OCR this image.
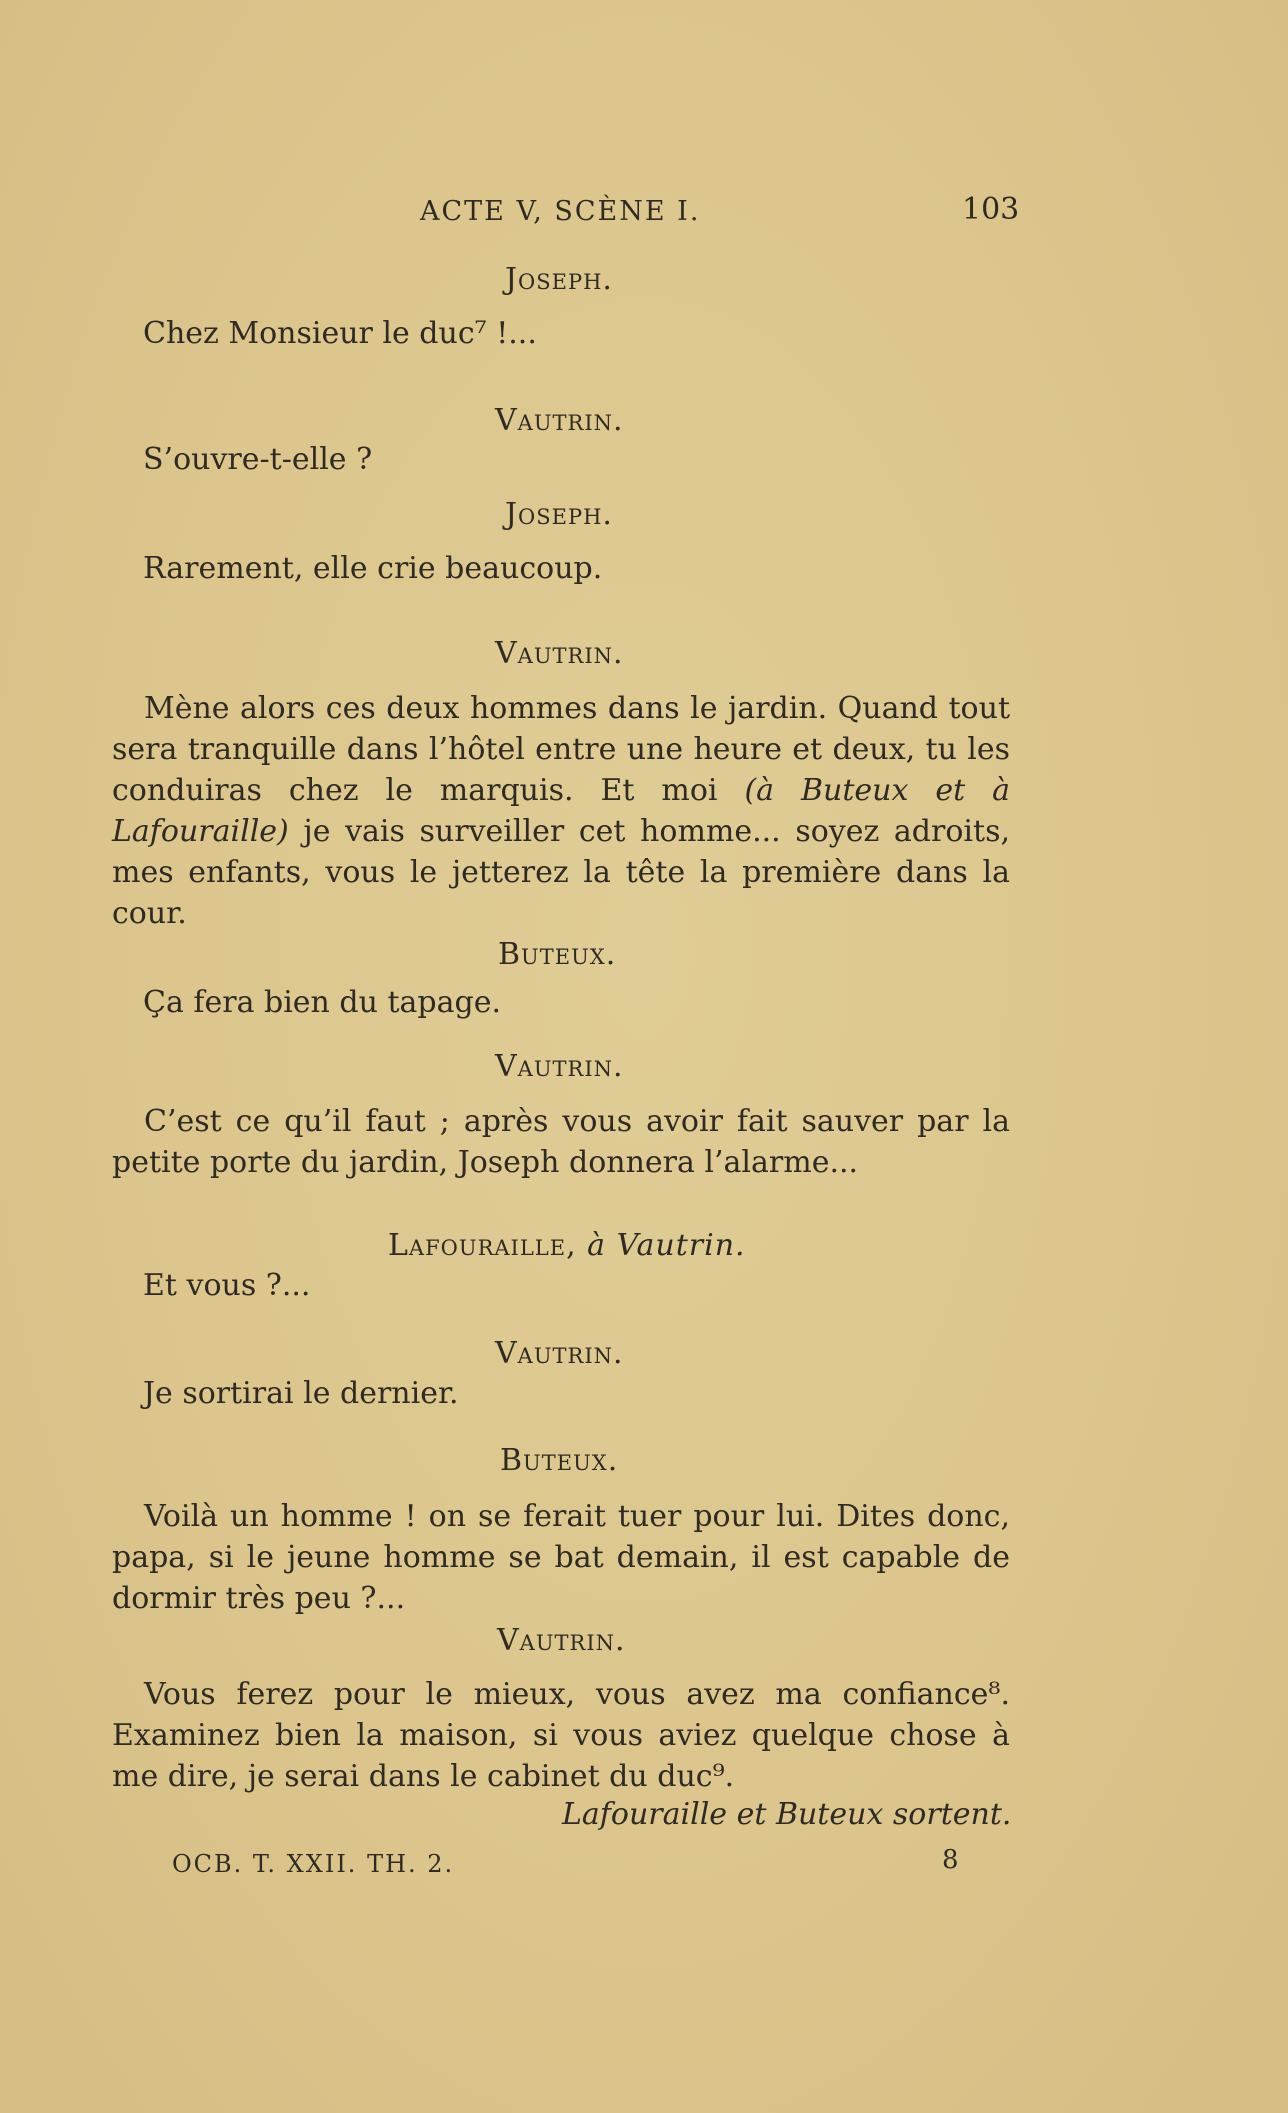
ACTE V, SCÈNE I.	103
Joseph.
Chez Monsieur le duc⁷ !...
Vautrin.
S’ouvre-t-elle ?
Joseph.
Rarement, elle crie beaucoup.
Vautrin.

Mène alors ces deux hommes dans le jardin. Quand tout sera tranquille dans l’hôtel entre une heure et deux, tu les conduiras chez le marquis. Et moi (à Buteux et à Lafouraille) je vais surveiller cet homme... soyez adroits, mes enfants, vous le jetterez la tête la première dans la cour.

Buteux.
Ça fera bien du tapage.
Vautrin.

C’est ce qu’il faut ; après vous avoir fait sauver par la petite porte du jardin, Joseph donnera l’alarme...

Lafouraille, à Vautrin.
Et vous ?...
Vautrin.
Je sortirai le dernier.
Buteux.

Voilà un homme ! on se ferait tuer pour lui. Dites donc, papa, si le jeune homme se bat demain, il est capable de dormir très peu ?...

Vautrin.

Vous ferez pour le mieux, vous avez ma confiance⁸. Examinez bien la maison, si vous aviez quelque chose à me dire, je serai dans le cabinet du duc⁹.

Lafouraille et Buteux sortent.
OCB. T. XXII. TH. 2.	8
